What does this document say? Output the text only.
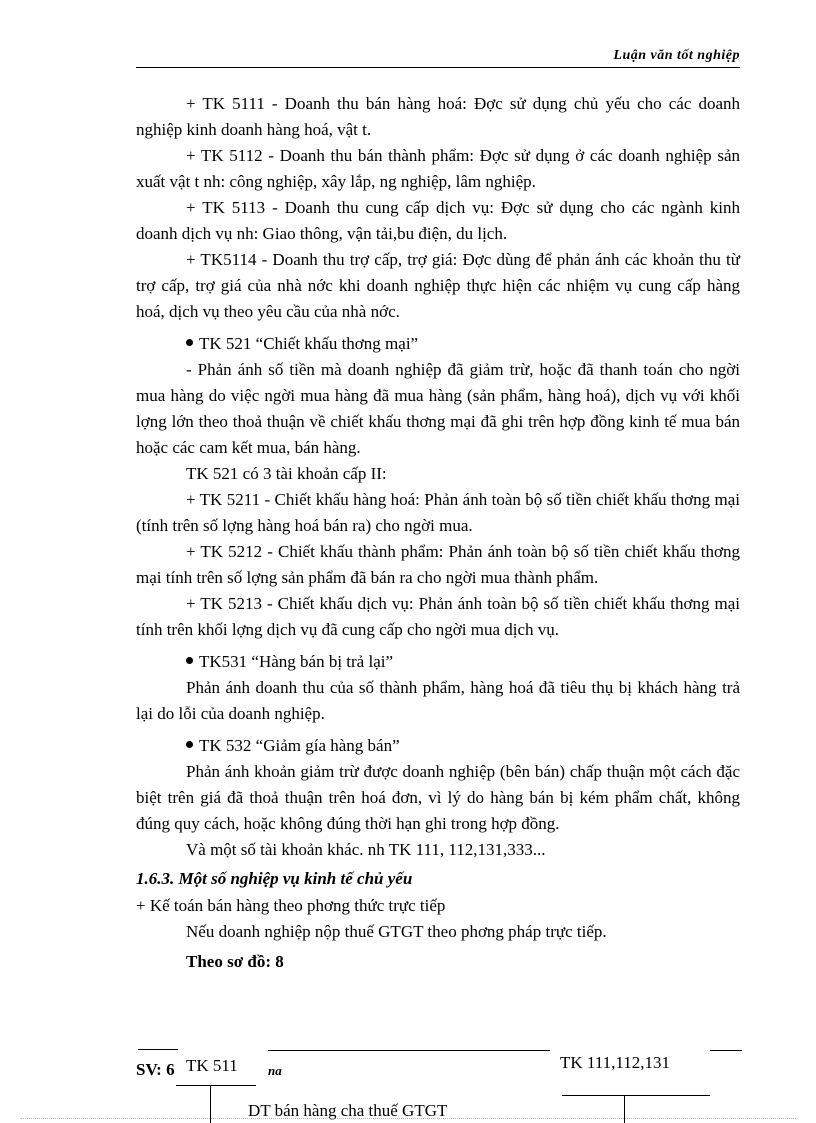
Luận văn tốt nghiệp

+ TK 5111 - Doanh thu bán hàng hoá: Đợc sử dụng chủ yếu cho các doanh nghiệp kinh doanh hàng hoá, vật t.

+ TK 5112 - Doanh thu bán thành phẩm: Đợc sử dụng ở các doanh nghiệp sản xuất vật t nh: công nghiệp, xây lắp, ng nghiệp, lâm nghiệp.

+ TK 5113 - Doanh thu cung cấp dịch vụ: Đợc sử dụng cho các ngành kinh doanh dịch vụ nh: Giao thông, vận tải,bu điện, du lịch.

+ TK5114 - Doanh thu trợ cấp, trợ giá: Đợc dùng để phản ánh các khoản thu từ trợ cấp, trợ giá của nhà nớc khi doanh nghiệp thực hiện các nhiệm vụ cung cấp hàng hoá, dịch vụ theo yêu cầu của nhà nớc.

TK 521 “Chiết khấu thơng mại”

- Phản ánh số tiền mà doanh nghiệp đã giảm trừ, hoặc đã thanh toán cho ngời mua hàng do việc ngời mua hàng đã mua hàng (sản phẩm, hàng hoá), dịch vụ với khối lợng lớn theo thoả thuận về chiết khấu thơng mại đã ghi trên hợp đồng kinh tế mua bán hoặc các cam kết mua, bán hàng.

TK 521 có 3 tài khoản cấp II:

+ TK 5211 - Chiết khấu hàng hoá: Phản ánh toàn bộ số tiền chiết khấu thơng mại (tính trên số lợng hàng hoá bán ra) cho ngời mua.

+ TK 5212 - Chiết khấu thành phẩm: Phản ánh toàn bộ số tiền chiết khấu thơng mại tính trên số lợng sản phẩm đã bán ra cho ngời mua thành phẩm.

+ TK 5213 - Chiết khấu dịch vụ: Phản ánh toàn bộ số tiền chiết khấu thơng mại tính trên khối lợng dịch vụ đã cung cấp cho ngời mua dịch vụ.

TK531 “Hàng bán bị trả lại”

Phản ánh doanh thu của số thành phẩm, hàng hoá đã tiêu thụ bị khách hàng trả lại do lỗi của doanh nghiệp.

TK 532 “Giảm gía hàng bán”

Phản ánh khoản giảm trừ được doanh nghiệp (bên bán) chấp thuận một cách đặc biệt trên giá đã thoả thuận trên hoá đơn, vì lý do hàng bán bị kém phẩm chất, không đúng quy cách, hoặc không đúng thời hạn ghi trong hợp đồng.

Và một số tài khoản khác. nh TK 111, 112,131,333...

1.6.3. Một số nghiệp vụ kinh tế chủ yếu

+ Kế toán bán hàng theo phơng thức trực tiếp

Nếu doanh nghiệp nộp thuế GTGT theo phơng pháp trực tiếp.

Theo sơ đồ: 8
SV: 6 TK 511 na	TK 111,112,131
DT bán hàng cha thuế GTGT
